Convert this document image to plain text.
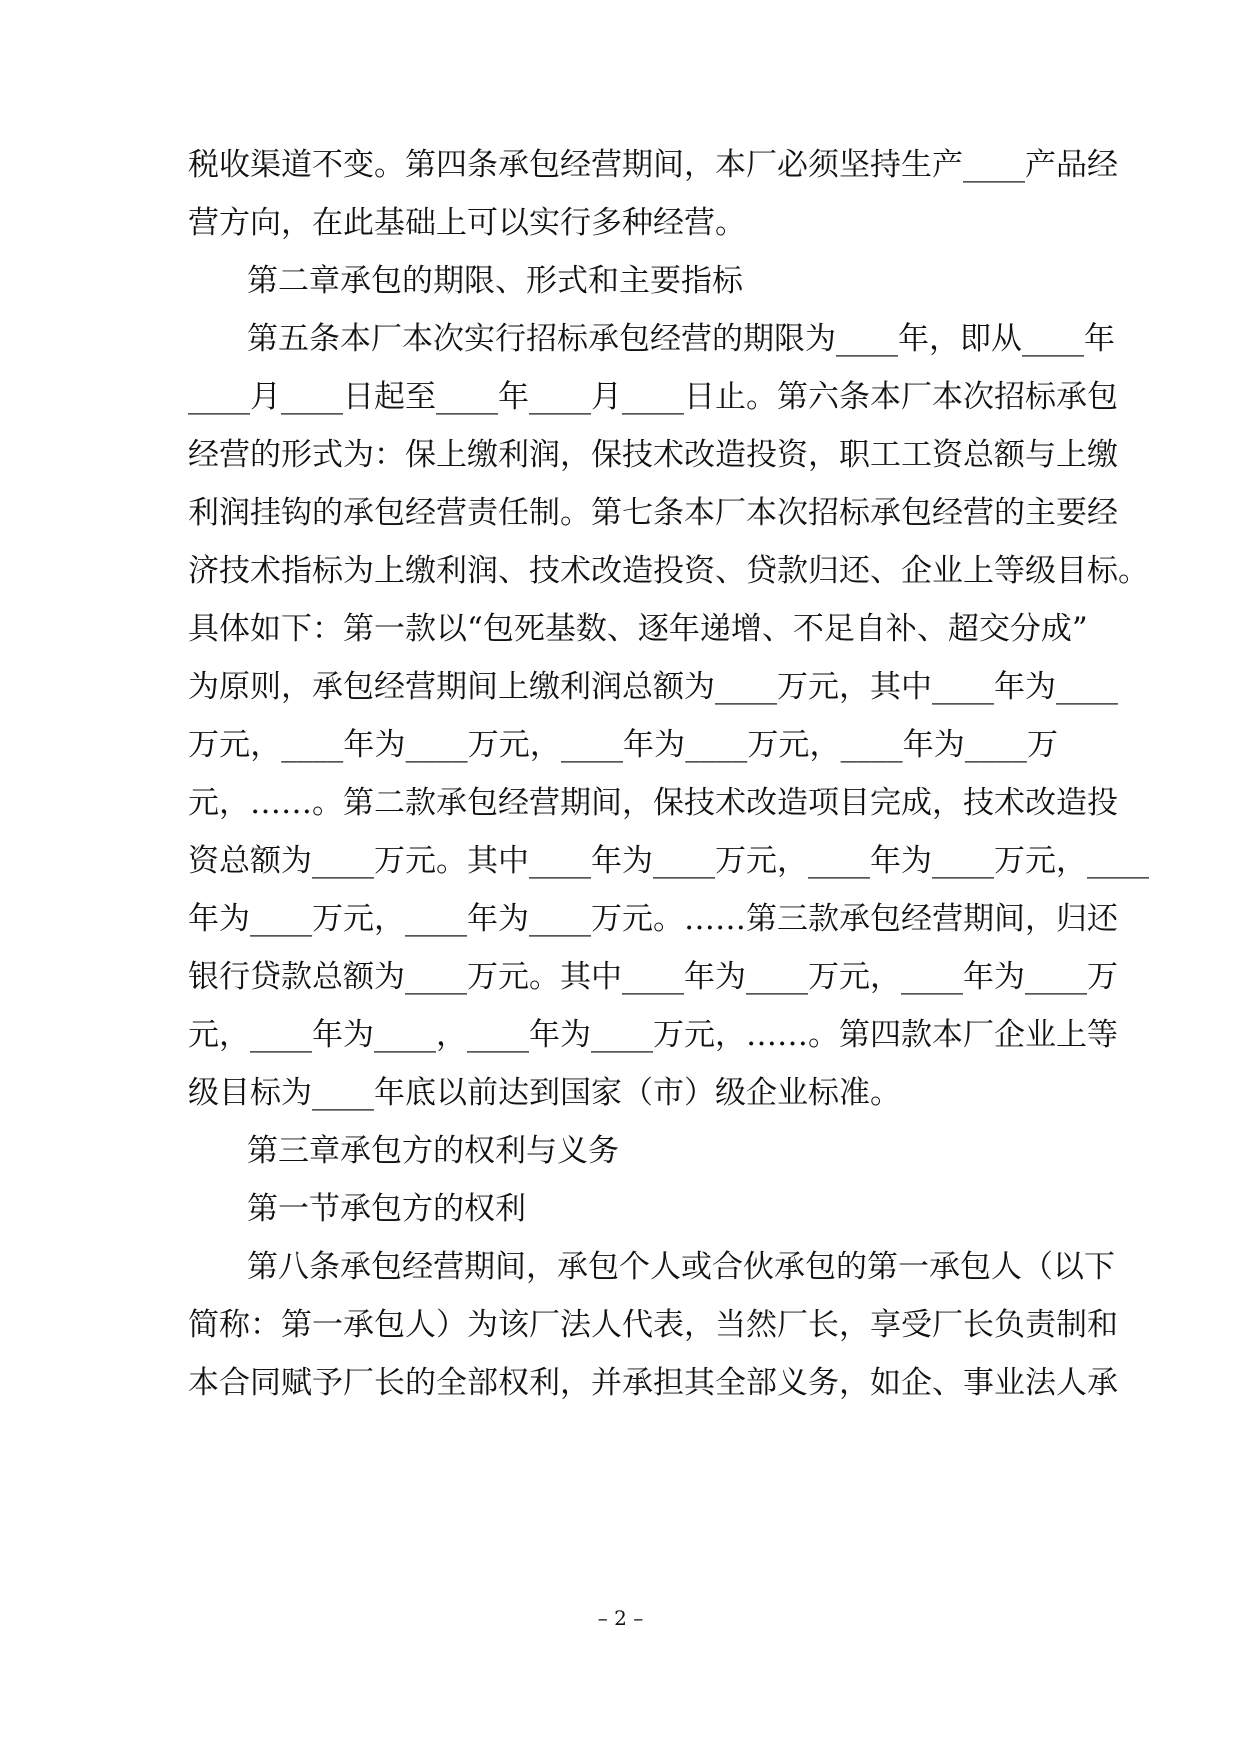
税收渠道不变。第四条承包经营期间，本厂必须坚持生产____产品经
营方向，在此基础上可以实行多种经营。
第二章承包的期限、形式和主要指标
第五条本厂本次实行招标承包经营的期限为____年，即从____年
____月____日起至____年____月____日止。第六条本厂本次招标承包
经营的形式为：保上缴利润，保技术改造投资，职工工资总额与上缴
利润挂钩的承包经营责任制。第七条本厂本次招标承包经营的主要经
济技术指标为上缴利润、技术改造投资、贷款归还、企业上等级目标。
具体如下：第一款以“包死基数、逐年递增、不足自补、超交分成”
为原则，承包经营期间上缴利润总额为____万元，其中____年为____
万元，____年为____万元，____年为____万元，____年为____万
元，……。第二款承包经营期间，保技术改造项目完成，技术改造投
资总额为____万元。其中____年为____万元，____年为____万元，____
年为____万元，____年为____万元。……第三款承包经营期间，归还
银行贷款总额为____万元。其中____年为____万元，____年为____万
元，____年为____，____年为____万元，……。第四款本厂企业上等
级目标为____年底以前达到国家（市）级企业标准。
第三章承包方的权利与义务
第一节承包方的权利
第八条承包经营期间，承包个人或合伙承包的第一承包人（以下
简称：第一承包人）为该厂法人代表，当然厂长，享受厂长负责制和
本合同赋予厂长的全部权利，并承担其全部义务，如企、事业法人承
– 2 –
